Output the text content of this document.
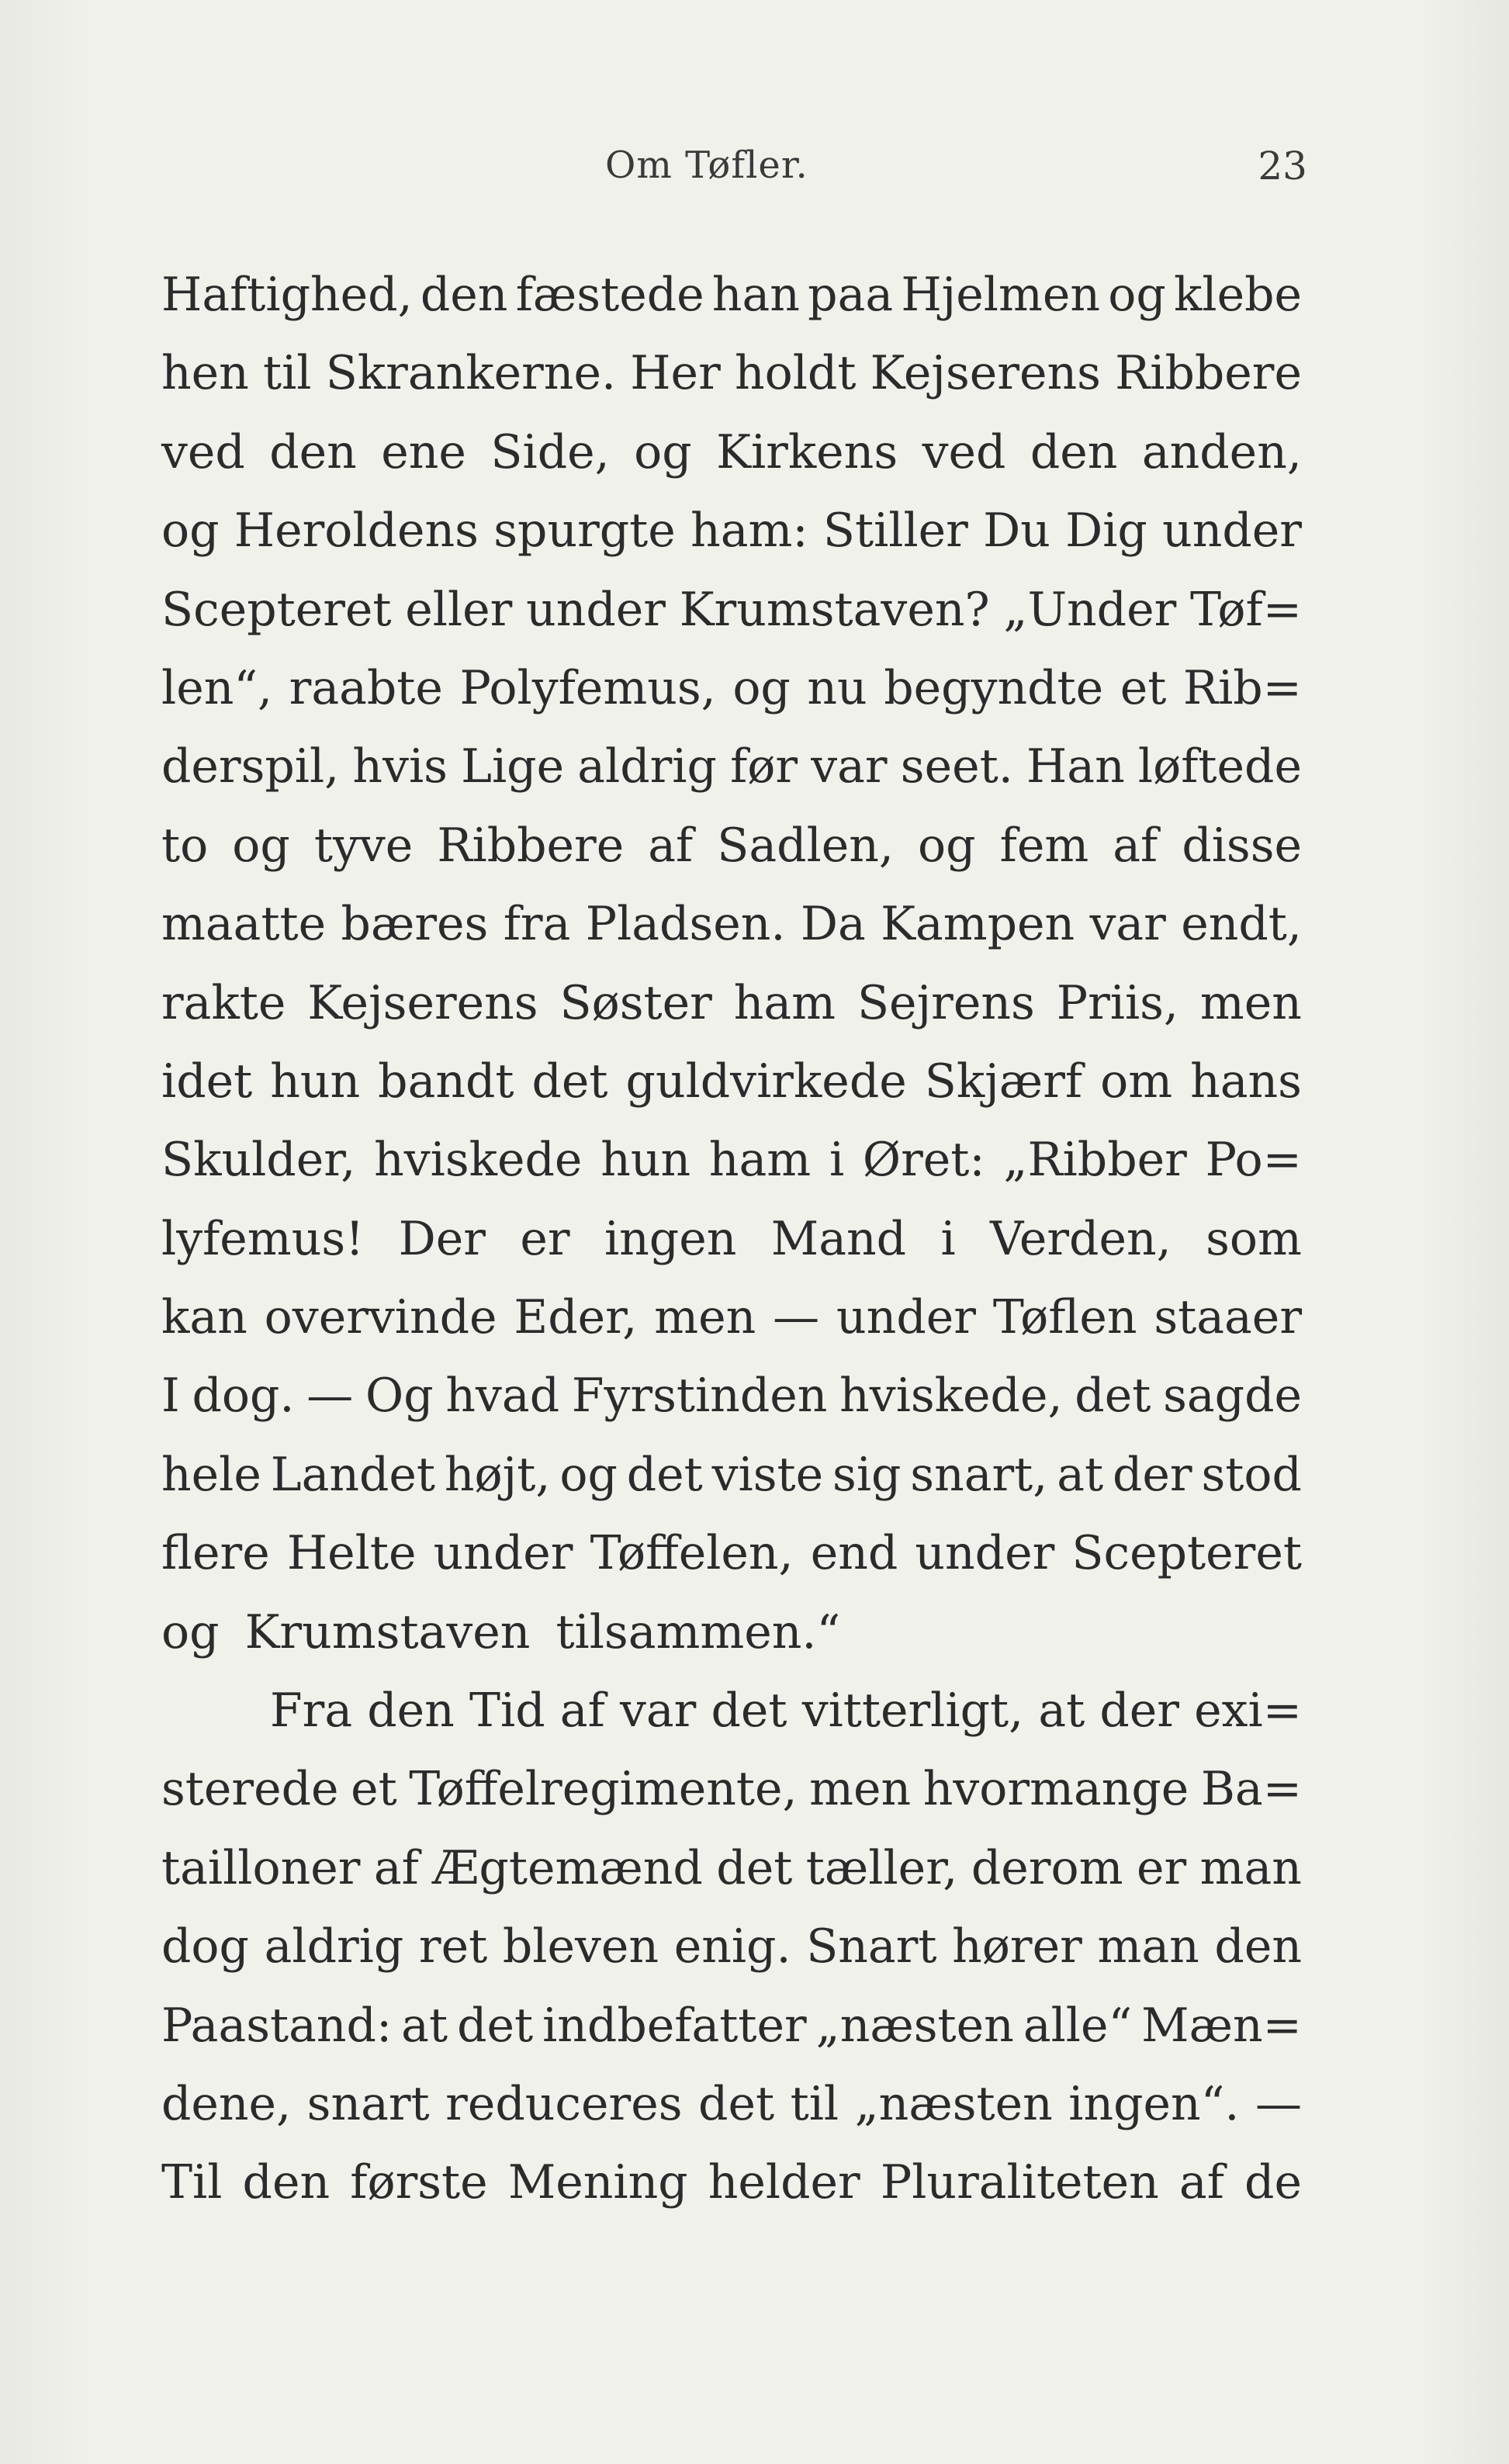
Om Tøfler.	23
Haftighed, den fæstede han paa Hjelmen og klebe
hen til Skrankerne. Her holdt Kejserens Ribbere
ved den ene Side, og Kirkens ved den anden,
og Heroldens spurgte ham: Stiller Du Dig under
Scepteret eller under Krumstaven? „Under Tøf=
len“, raabte Polyfemus, og nu begyndte et Rib=
derspil, hvis Lige aldrig før var seet. Han løftede
to og tyve Ribbere af Sadlen, og fem af disse
maatte bæres fra Pladsen. Da Kampen var endt,
rakte Kejserens Søster ham Sejrens Priis, men
idet hun bandt det guldvirkede Skjærf om hans
Skulder, hviskede hun ham i Øret: „Ribber Po=
lyfemus! Der er ingen Mand i Verden, som
kan overvinde Eder, men — under Tøflen staaer
I dog. — Og hvad Fyrstinden hviskede, det sagde
hele Landet højt, og det viste sig snart, at der stod
flere Helte under Tøffelen, end under Scepteret
og Krumstaven tilsammen.“
Fra den Tid af var det vitterligt, at der exi=
sterede et Tøffelregimente, men hvormange Ba=
taillоner af Ægtemænd det tæller, derom er man
dog aldrig ret bleven enig. Snart hører man den
Paastand: at det indbefatter „næsten alle“ Mæn=
dene, snart reduceres det til „næsten ingen“. —
Til den første Mening helder Pluraliteten af de
